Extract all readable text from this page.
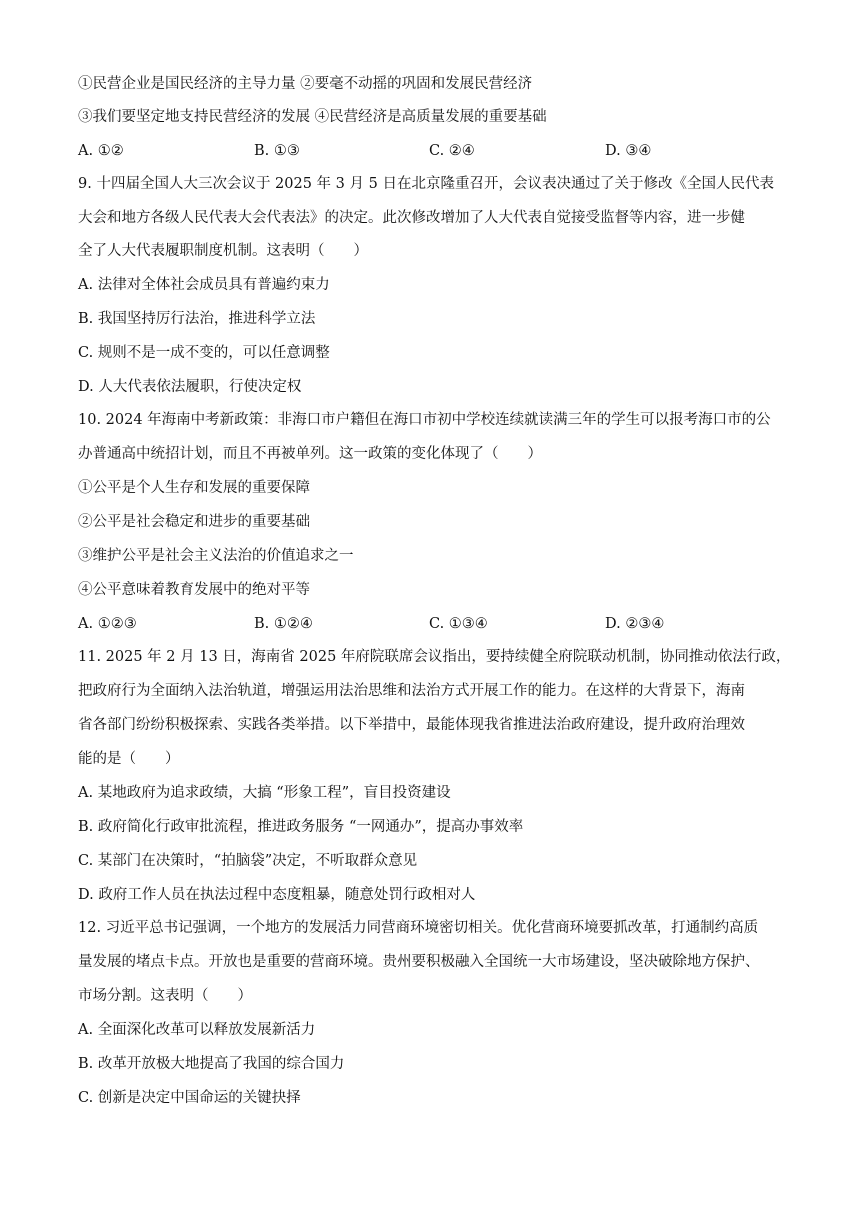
①民营企业是国民经济的主导力量 ②要毫不动摇的巩固和发展民营经济
③我们要坚定地支持民营经济的发展 ④民营经济是高质量发展的重要基础
A. ①②	B. ①③	C. ②④	D. ③④
9. 十四届全国人大三次会议于 2025 年 3 月 5 日在北京隆重召开，会议表决通过了关于修改《全国人民代表
大会和地方各级人民代表大会代表法》的决定。此次修改增加了人大代表自觉接受监督等内容，进一步健
全了人大代表履职制度机制。这表明（　　）
A. 法律对全体社会成员具有普遍约束力
B. 我国坚持厉行法治，推进科学立法
C. 规则不是一成不变的，可以任意调整
D. 人大代表依法履职，行使决定权
10. 2024 年海南中考新政策：非海口市户籍但在海口市初中学校连续就读满三年的学生可以报考海口市的公
办普通高中统招计划，而且不再被单列。这一政策的变化体现了（　　）
①公平是个人生存和发展的重要保障
②公平是社会稳定和进步的重要基础
③维护公平是社会主义法治的价值追求之一
④公平意味着教育发展中的绝对平等
A. ①②③	B. ①②④	C. ①③④	D. ②③④
11. 2025 年 2 月 13 日，海南省 2025 年府院联席会议指出，要持续健全府院联动机制，协同推动依法行政，
把政府行为全面纳入法治轨道，增强运用法治思维和法治方式开展工作的能力。在这样的大背景下，海南
省各部门纷纷积极探索、实践各类举措。以下举措中，最能体现我省推进法治政府建设，提升政府治理效
能的是（　　）
A. 某地政府为追求政绩，大搞 “形象工程”，盲目投资建设
B. 政府简化行政审批流程，推进政务服务 “一网通办”，提高办事效率
C. 某部门在决策时，“拍脑袋”决定，不听取群众意见
D. 政府工作人员在执法过程中态度粗暴，随意处罚行政相对人
12. 习近平总书记强调，一个地方的发展活力同营商环境密切相关。优化营商环境要抓改革，打通制约高质
量发展的堵点卡点。开放也是重要的营商环境。贵州要积极融入全国统一大市场建设，坚决破除地方保护、
市场分割。这表明（　　）
A. 全面深化改革可以释放发展新活力
B. 改革开放极大地提高了我国的综合国力
C. 创新是决定中国命运的关键抉择
